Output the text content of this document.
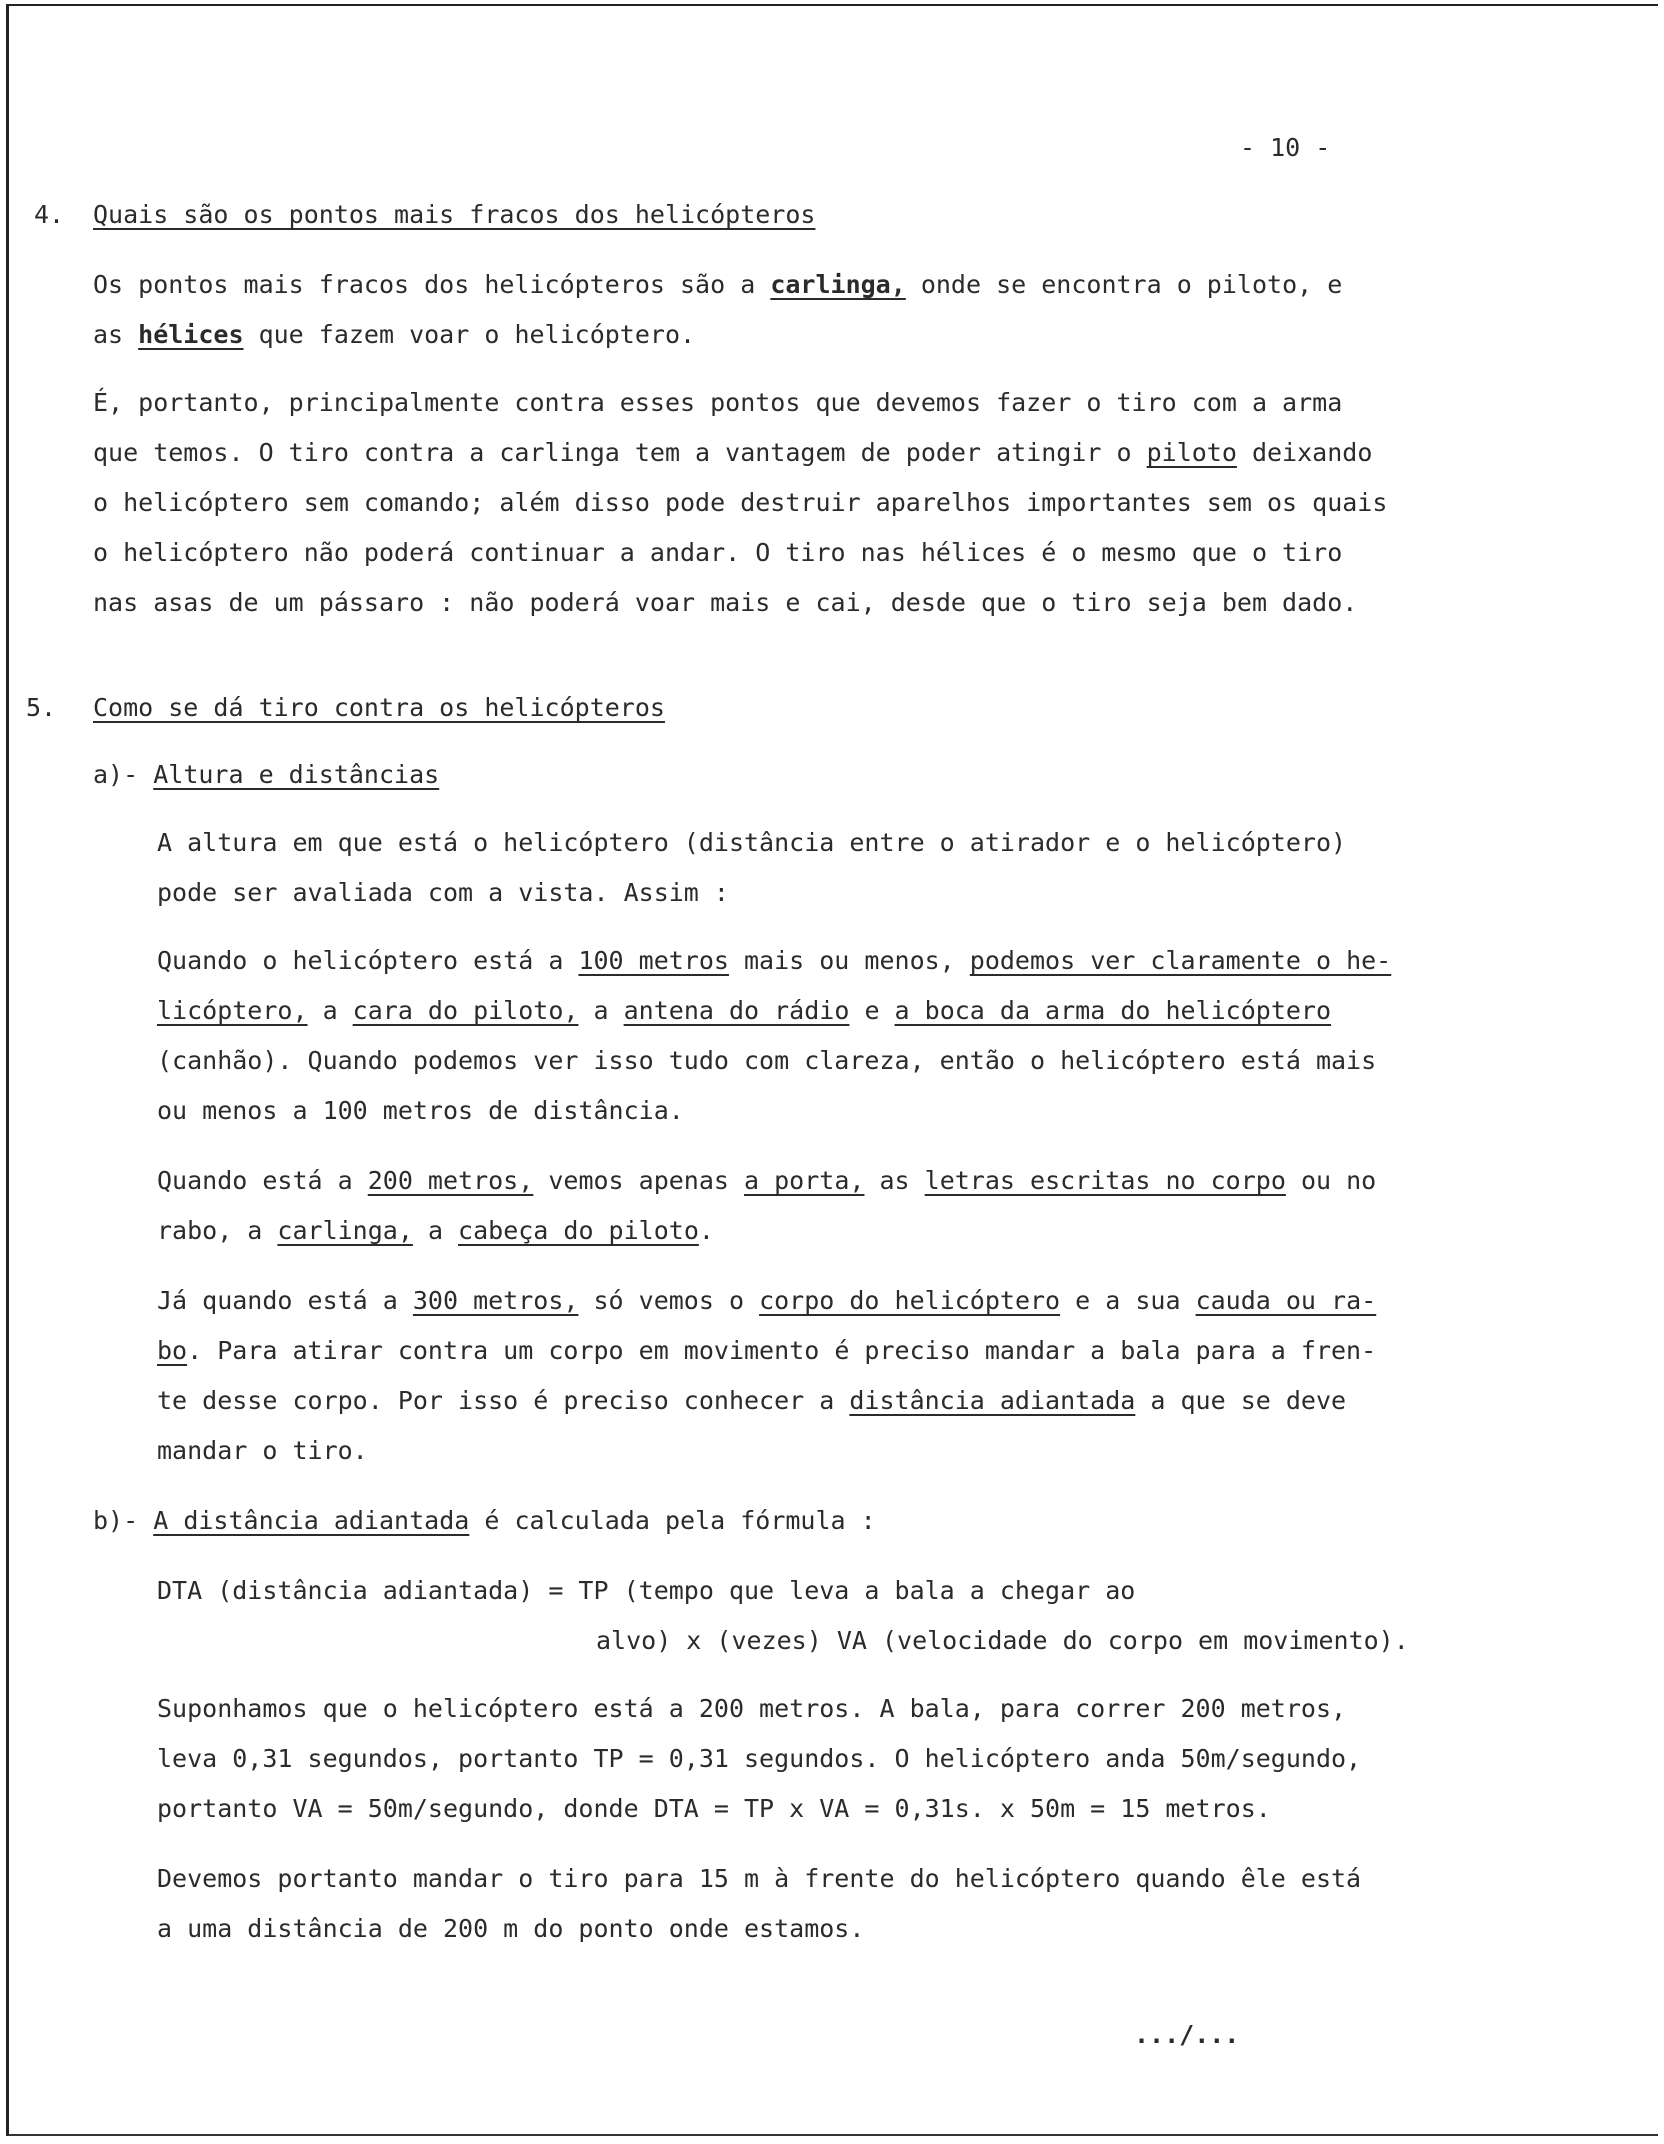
- 10 -
4. Quais são os pontos mais fracos dos helicópteros
Os pontos mais fracos dos helicópteros são a carlinga, onde se encontra o piloto, e
as hélices que fazem voar o helicóptero.
É, portanto, principalmente contra esses pontos que devemos fazer o tiro com a arma
que temos. O tiro contra a carlinga tem a vantagem de poder atingir o piloto deixando
o helicóptero sem comando; além disso pode destruir aparelhos importantes sem os quais
o helicóptero não poderá continuar a andar. O tiro nas hélices é o mesmo que o tiro
nas asas de um pássaro : não poderá voar mais e cai, desde que o tiro seja bem dado.
5. Como se dá tiro contra os helicópteros
a)- Altura e distâncias
A altura em que está o helicóptero (distância entre o atirador e o helicóptero)
pode ser avaliada com a vista. Assim :
Quando o helicóptero está a 100 metros mais ou menos, podemos ver claramente o he-
licóptero, a cara do piloto, a antena do rádio e a boca da arma do helicóptero
(canhão). Quando podemos ver isso tudo com clareza, então o helicóptero está mais
ou menos a 100 metros de distância.
Quando está a 200 metros, vemos apenas a porta, as letras escritas no corpo ou no
rabo, a carlinga, a cabeça do piloto.
Já quando está a 300 metros, só vemos o corpo do helicóptero e a sua cauda ou ra-
bo. Para atirar contra um corpo em movimento é preciso mandar a bala para a fren-
te desse corpo. Por isso é preciso conhecer a distância adiantada a que se deve
mandar o tiro.
b)- A distância adiantada é calculada pela fórmula :
DTA (distância adiantada) = TP (tempo que leva a bala a chegar ao
alvo) x (vezes) VA (velocidade do corpo em movimento).
Suponhamos que o helicóptero está a 200 metros. A bala, para correr 200 metros,
leva 0,31 segundos, portanto TP = 0,31 segundos. O helicóptero anda 50m/segundo,
portanto VA = 50m/segundo, donde DTA = TP x VA = 0,31s. x 50m = 15 metros.
Devemos portanto mandar o tiro para 15 m à frente do helicóptero quando êle está
a uma distância de 200 m do ponto onde estamos.
.../...
